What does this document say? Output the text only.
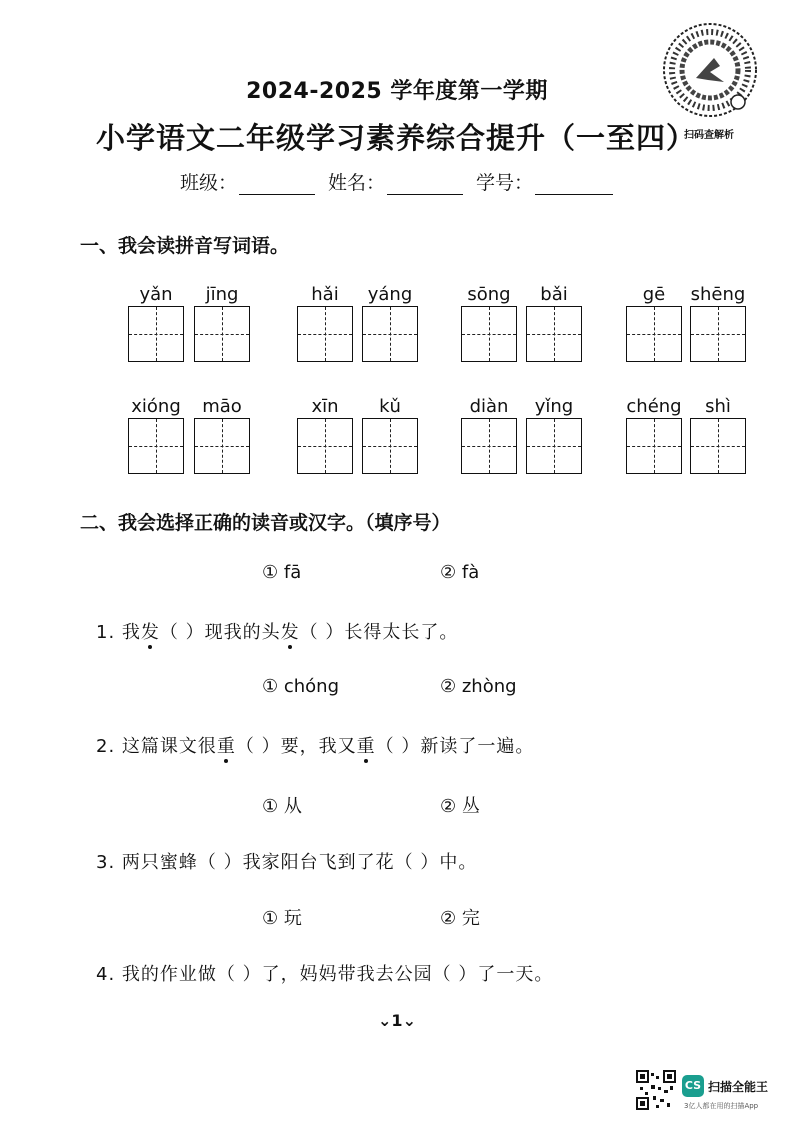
2024-2025 学年度第一学期
小学语文二年级学习素养综合提升（一至四）
班级：	姓名：	学号：
扫码查解析
一、我会读拼音写词语。
yǎn	jīng	hǎi	yáng	sōng	bǎi	gē	shēng
xióng	māo	xīn	kǔ	diàn	yǐng	chéng	shì
二、我会选择正确的读音或汉字。（填序号）
① fā	② fà
1. 我发（ ）现我的头发（ ）长得太长了。
① chóng	② zhòng
2. 这篇课文很重（ ）要，我又重（ ）新读了一遍。
① 从	② 丛
3. 两只蜜蜂（ ）我家阳台飞到了花（ ）中。
① 玩	② 完
4. 我的作业做（ ）了，妈妈带我去公园（ ）了一天。
⌄1⌄
CS 扫描全能王
3亿人都在用的扫描App
